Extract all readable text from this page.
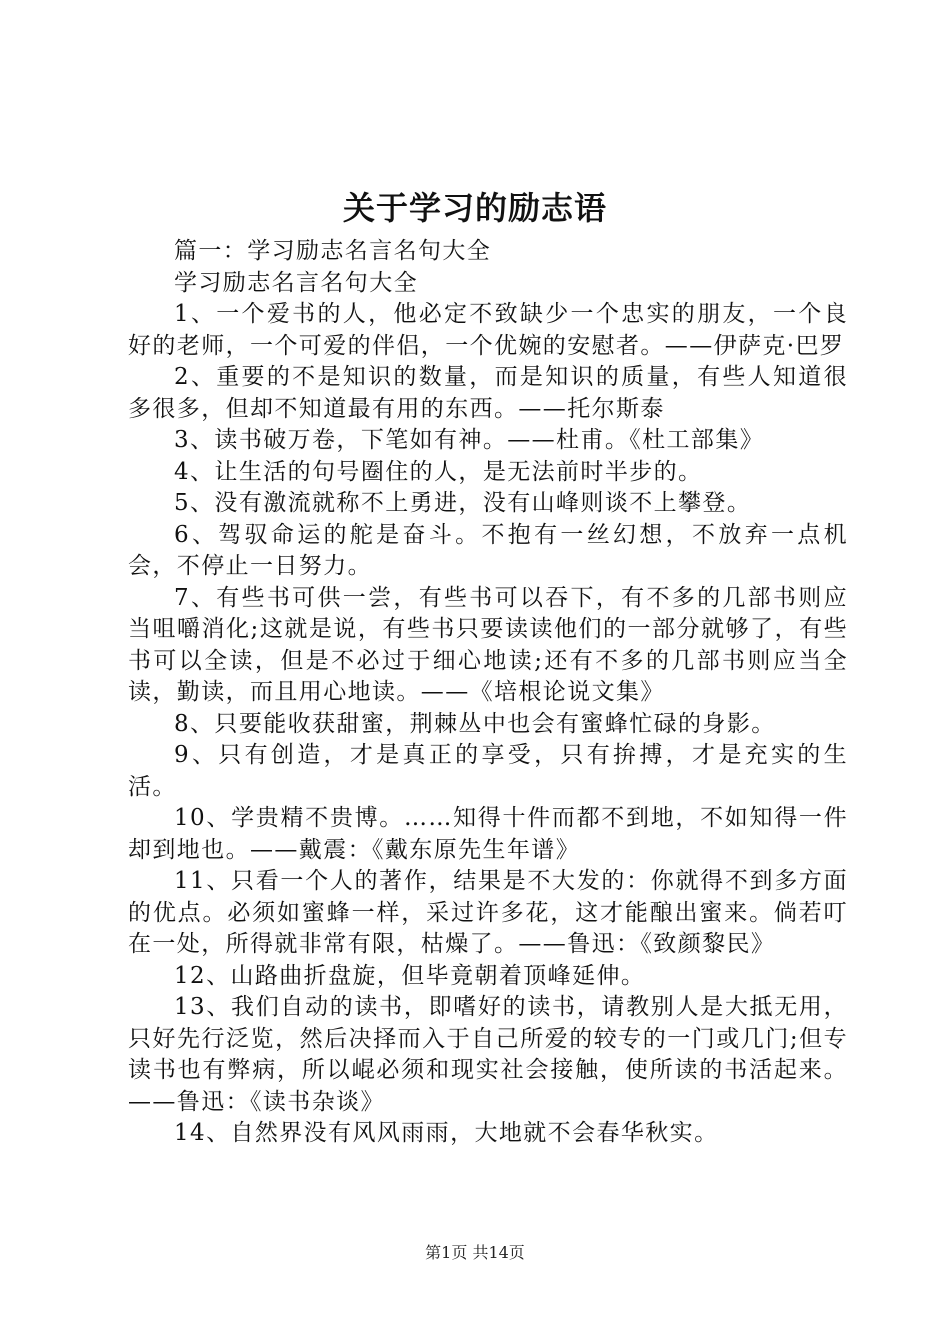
关于学习的励志语

篇一：学习励志名言名句大全

学习励志名言名句大全

1、一个爱书的人，他必定不致缺少一个忠实的朋友，一个良好的老师，一个可爱的伴侣，一个优婉的安慰者。——伊萨克·巴罗

2、重要的不是知识的数量，而是知识的质量，有些人知道很多很多，但却不知道最有用的东西。——托尔斯泰

3、读书破万卷，下笔如有神。——杜甫。《杜工部集》

4、让生活的句号圈住的人，是无法前时半步的。

5、没有激流就称不上勇进，没有山峰则谈不上攀登。

6、驾驭命运的舵是奋斗。不抱有一丝幻想，不放弃一点机会，不停止一日努力。

7、有些书可供一尝，有些书可以吞下，有不多的几部书则应当咀嚼消化;这就是说，有些书只要读读他们的一部分就够了，有些书可以全读，但是不必过于细心地读;还有不多的几部书则应当全读，勤读，而且用心地读。——《培根论说文集》

8、只要能收获甜蜜，荆棘丛中也会有蜜蜂忙碌的身影。

9、只有创造，才是真正的享受，只有拚搏，才是充实的生活。

10、学贵精不贵博。……知得十件而都不到地，不如知得一件却到地也。——戴震：《戴东原先生年谱》

11、只看一个人的著作，结果是不大发的：你就得不到多方面的优点。必须如蜜蜂一样，采过许多花，这才能酿出蜜来。倘若叮在一处，所得就非常有限，枯燥了。——鲁迅：《致颜黎民》

12、山路曲折盘旋，但毕竟朝着顶峰延伸。

13、我们自动的读书，即嗜好的读书，请教别人是大抵无用，只好先行泛览，然后决择而入于自己所爱的较专的一门或几门;但专读书也有弊病，所以崐必须和现实社会接触，使所读的书活起来。——鲁迅：《读书杂谈》

14、自然界没有风风雨雨，大地就不会春华秋实。

第1页 共14页
